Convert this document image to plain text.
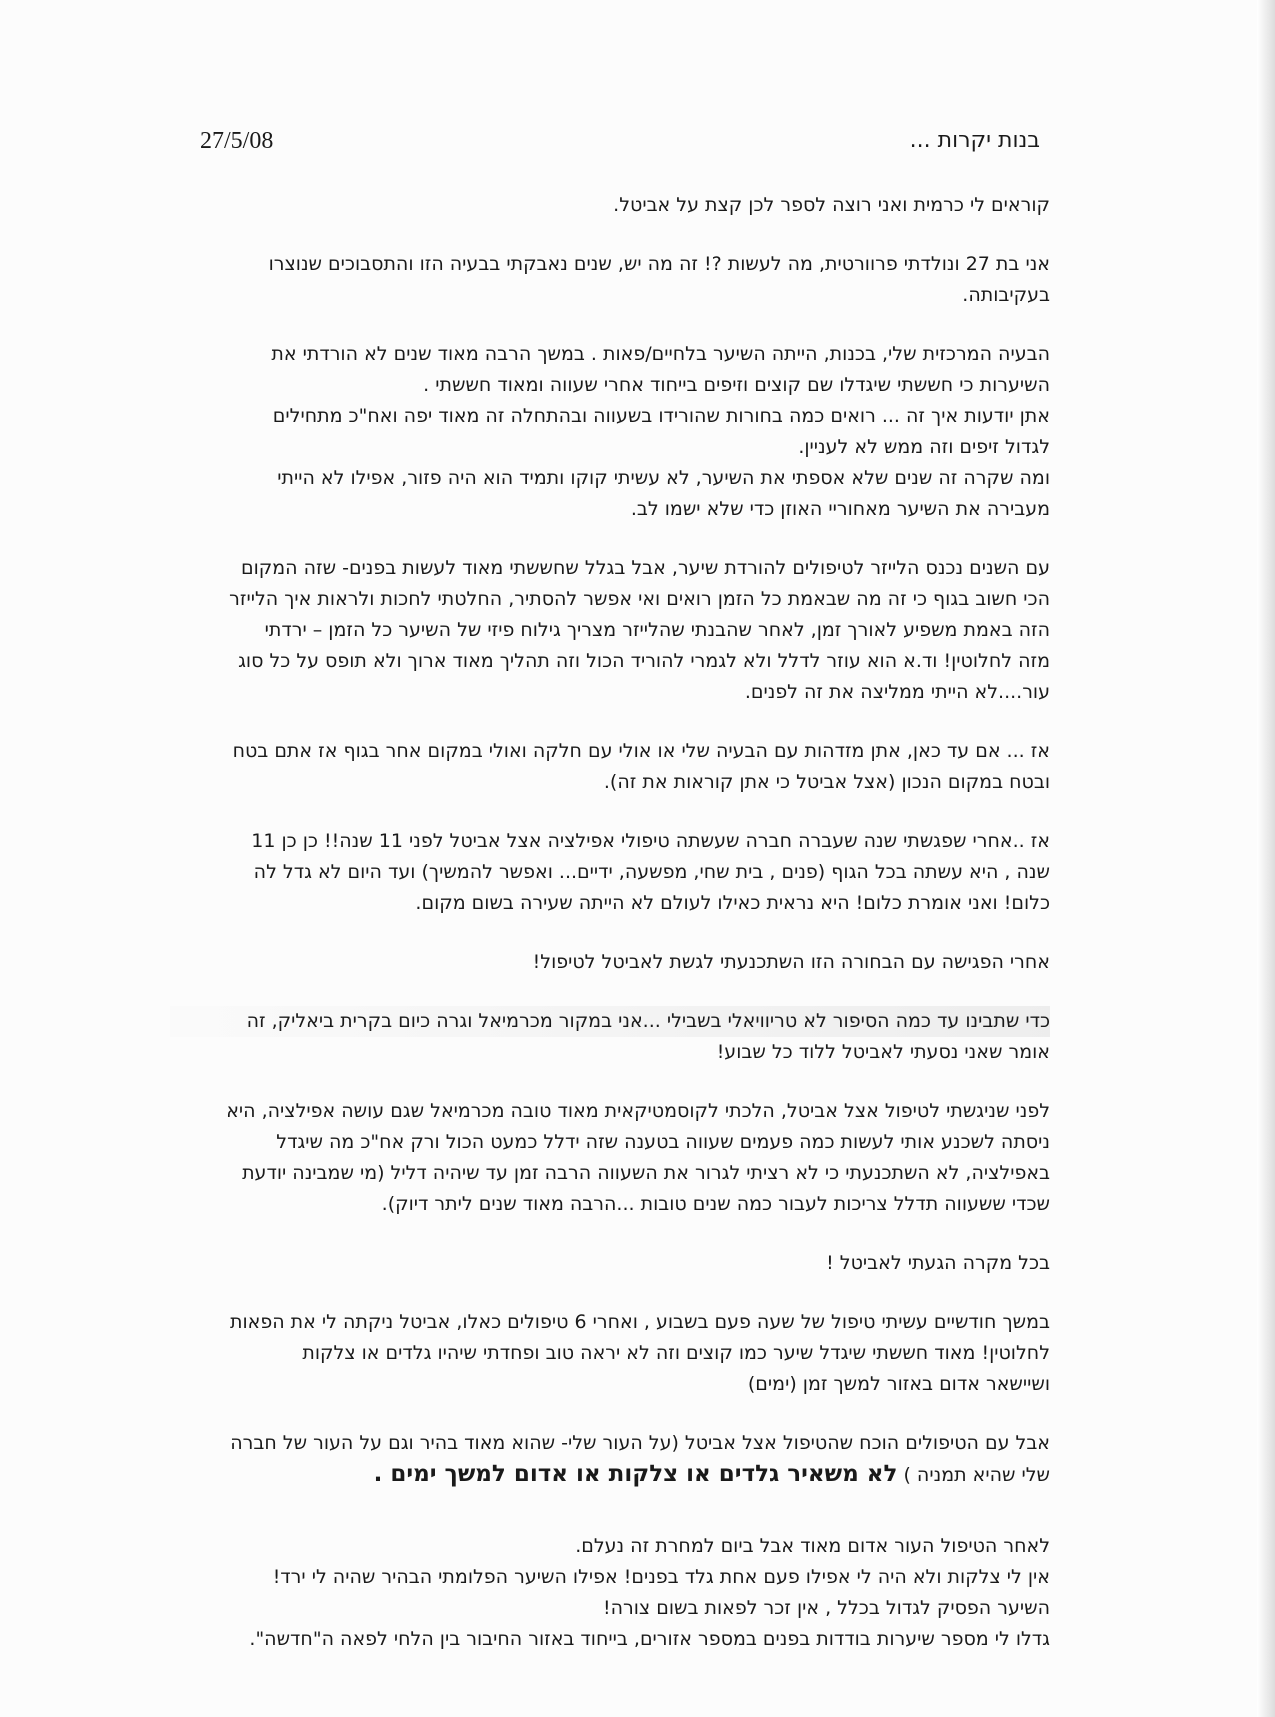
27/5/08	בנות יקרות ...

קוראים לי כרמית ואני רוצה לספר לכן קצת על אביטל.

אני בת 27 ונולדתי פרוורטית, מה לעשות ?! זה מה יש, שנים נאבקתי בבעיה הזו והתסבוכים שנוצרו
בעקיבותה.

הבעיה המרכזית שלי, בכנות, הייתה השיער בלחיים/פאות . במשך הרבה מאוד שנים לא הורדתי את
השיערות כי חששתי שיגדלו שם קוצים וזיפים בייחוד אחרי שעווה ומאוד חששתי .
אתן יודעות איך זה ... רואים כמה בחורות שהורידו בשעווה ובהתחלה זה מאוד יפה ואח"כ מתחילים
לגדול זיפים וזה ממש לא לעניין.
ומה שקרה זה שנים שלא אספתי את השיער, לא עשיתי קוקו ותמיד הוא היה פזור, אפילו לא הייתי
מעבירה את השיער מאחוריי האוזן כדי שלא ישמו לב.

עם השנים נכנס הלייזר לטיפולים להורדת שיער, אבל בגלל שחששתי מאוד לעשות בפנים- שזה המקום
הכי חשוב בגוף כי זה מה שבאמת כל הזמן רואים ואי אפשר להסתיר, החלטתי לחכות ולראות איך הלייזר
הזה באמת משפיע לאורך זמן, לאחר שהבנתי שהלייזר מצריך גילוח פיזי של השיער כל הזמן – ירדתי
מזה לחלוטין! וד.א הוא עוזר לדלל ולא לגמרי להוריד הכול וזה תהליך מאוד ארוך ולא תופס על כל סוג
עור....לא הייתי ממליצה את זה לפנים.

אז ... אם עד כאן, אתן מזדהות עם הבעיה שלי או אולי עם חלקה ואולי במקום אחר בגוף אז אתם בטח
ובטח במקום הנכון (אצל אביטל כי אתן קוראות את זה).

אז ..אחרי שפגשתי שנה שעברה חברה שעשתה טיפולי אפילציה אצל אביטל לפני 11 שנה!! כן כן 11
שנה , היא עשתה בכל הגוף (פנים , בית שחי, מפשעה, ידיים... ואפשר להמשיך) ועד היום לא גדל לה
כלום! ואני אומרת כלום! היא נראית כאילו לעולם לא הייתה שעירה בשום מקום.

אחרי הפגישה עם הבחורה הזו השתכנעתי לגשת לאביטל לטיפול!

כדי שתבינו עד כמה הסיפור לא טריוויאלי בשבילי ...אני במקור מכרמיאל וגרה כיום בקרית ביאליק, זה
אומר שאני נסעתי לאביטל ללוד כל שבוע!

לפני שניגשתי לטיפול אצל אביטל, הלכתי לקוסמטיקאית מאוד טובה מכרמיאל שגם עושה אפילציה, היא
ניסתה לשכנע אותי לעשות כמה פעמים שעווה בטענה שזה ידלל כמעט הכול ורק אח"כ מה שיגדל
באפילציה, לא השתכנעתי כי לא רציתי לגרור את השעווה הרבה זמן עד שיהיה דליל (מי שמבינה יודעת
שכדי ששעווה תדלל צריכות לעבור כמה שנים טובות ...הרבה מאוד שנים ליתר דיוק).

בכל מקרה הגעתי לאביטל !

במשך חודשיים עשיתי טיפול של שעה פעם בשבוע , ואחרי 6 טיפולים כאלו, אביטל ניקתה לי את הפאות
לחלוטין! מאוד חששתי שיגדל שיער כמו קוצים וזה לא יראה טוב ופחדתי שיהיו גלדים או צלקות
ושיישאר אדום באזור למשך זמן (ימים)

אבל עם הטיפולים הוכח שהטיפול אצל אביטל (על העור שלי- שהוא מאוד בהיר וגם על העור של חברה
שלי שהיא תמניה ) לא משאיר גלדים או צלקות או אדום למשך ימים .

לאחר הטיפול העור אדום מאוד אבל ביום למחרת זה נעלם.
אין לי צלקות ולא היה לי אפילו פעם אחת גלד בפנים! אפילו השיער הפלומתי הבהיר שהיה לי ירד!
השיער הפסיק לגדול בכלל , אין זכר לפאות בשום צורה!
גדלו לי מספר שיערות בודדות בפנים במספר אזורים, בייחוד באזור החיבור בין הלחי לפאה ה"חדשה".
